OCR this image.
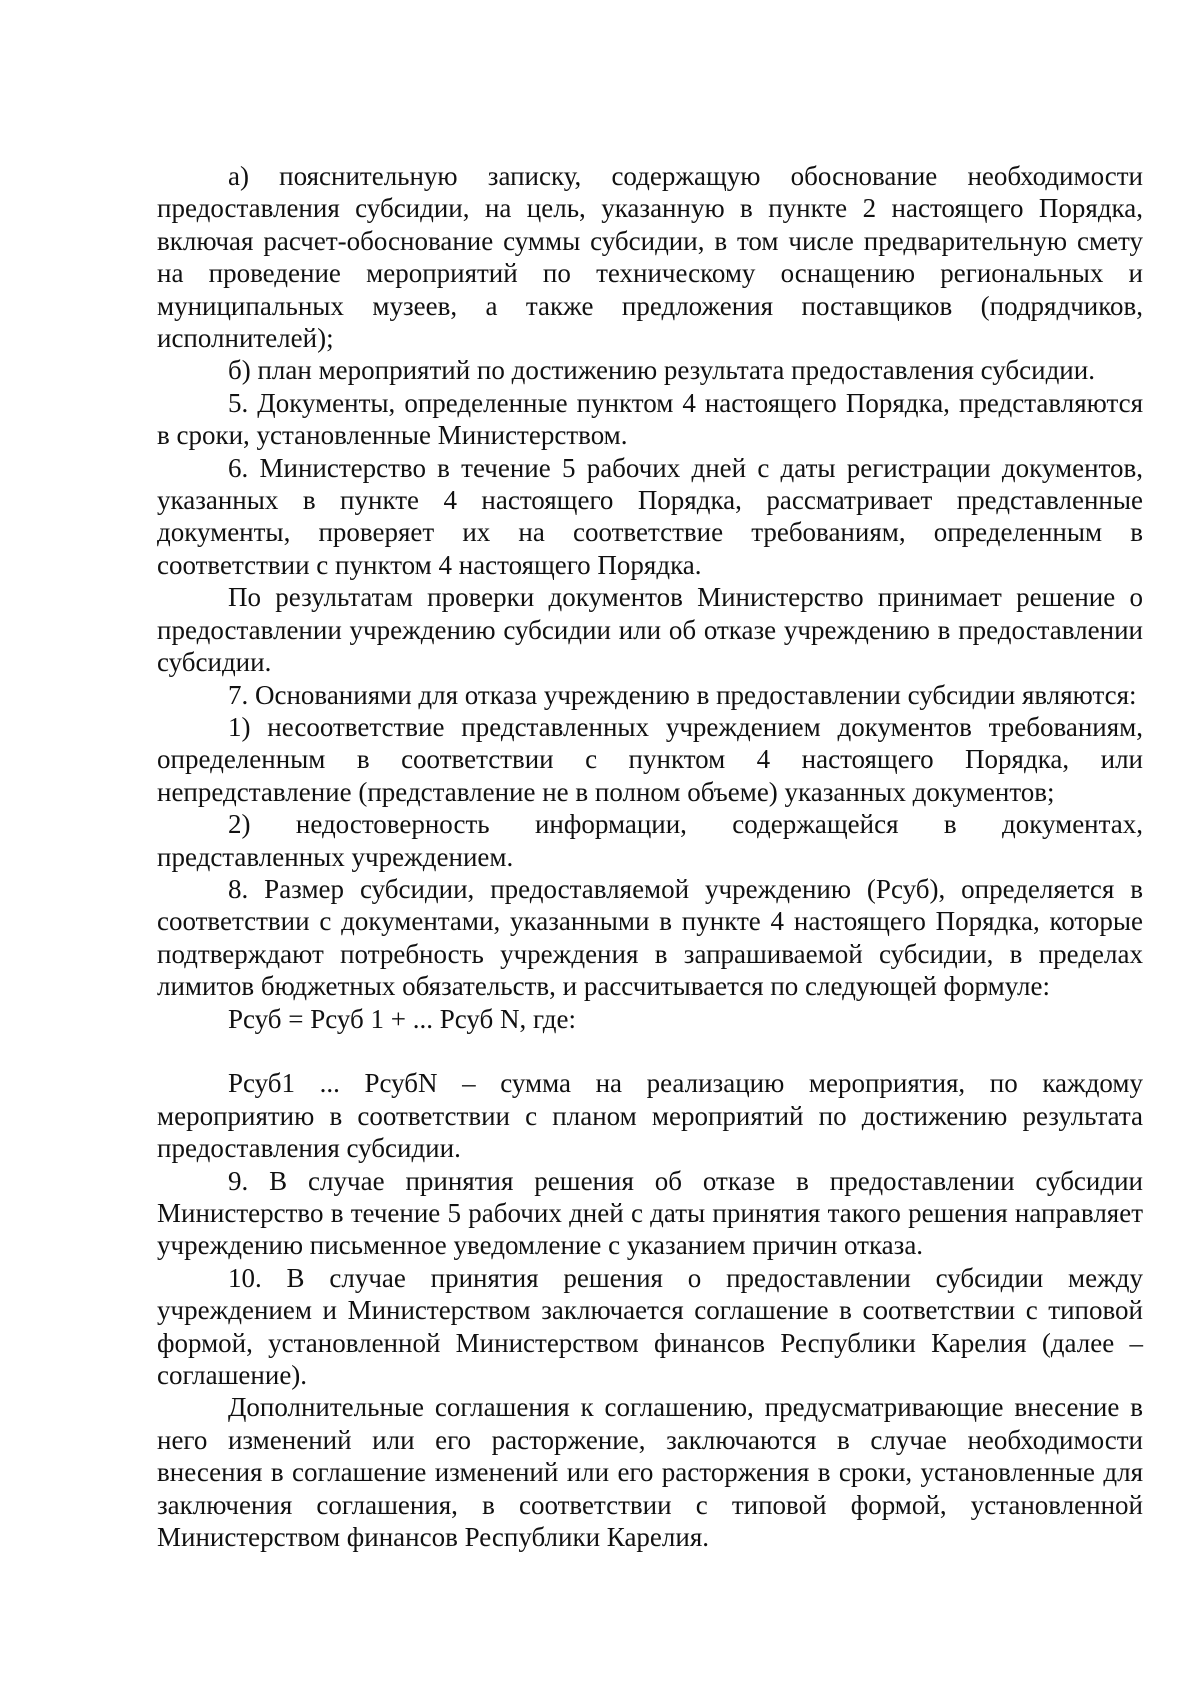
а) пояснительную записку, содержащую обоснование необходимости предоставления субсидии, на цель, указанную в пункте 2 настоящего Порядка, включая расчет-обоснование суммы субсидии, в том числе предварительную смету на проведение мероприятий по техническому оснащению региональных и муниципальных музеев, а также предложения поставщиков (подрядчиков, исполнителей);

б) план мероприятий по достижению результата предоставления субсидии.

5. Документы, определенные пунктом 4 настоящего Порядка, представляются в сроки, установленные Министерством.

6. Министерство в течение 5 рабочих дней с даты регистрации документов, указанных в пункте 4 настоящего Порядка, рассматривает представленные документы, проверяет их на соответствие требованиям, определенным в соответствии с пунктом 4 настоящего Порядка.

По результатам проверки документов Министерство принимает решение о предоставлении учреждению субсидии или об отказе учреждению в предоставлении субсидии.

7. Основаниями для отказа учреждению в предоставлении субсидии являются:

1) несоответствие представленных учреждением документов требованиям, определенным в соответствии с пунктом 4 настоящего Порядка, или непредставление (представление не в полном объеме) указанных документов;

2) недостоверность информации, содержащейся в документах, представленных учреждением.

8. Размер субсидии, предоставляемой учреждению (Pсуб), определяется в соответствии с документами, указанными в пункте 4 настоящего Порядка, которые подтверждают потребность учреждения в запрашиваемой субсидии, в пределах лимитов бюджетных обязательств, и рассчитывается по следующей формуле:

Pсуб = Pсуб 1 + ... Pсуб N, где:

Pсуб1 ... PсубN – сумма на реализацию мероприятия, по каждому мероприятию в соответствии с планом мероприятий по достижению результата предоставления субсидии.

9. В случае принятия решения об отказе в предоставлении субсидии Министерство в течение 5 рабочих дней с даты принятия такого решения направляет учреждению письменное уведомление с указанием причин отказа.

10. В случае принятия решения о предоставлении субсидии между учреждением и Министерством заключается соглашение в соответствии с типовой формой, установленной Министерством финансов Республики Карелия (далее – соглашение).

Дополнительные соглашения к соглашению, предусматривающие внесение в него изменений или его расторжение, заключаются в случае необходимости внесения в соглашение изменений или его расторжения в сроки, установленные для заключения соглашения, в соответствии с типовой формой, установленной Министерством финансов Республики Карелия.
